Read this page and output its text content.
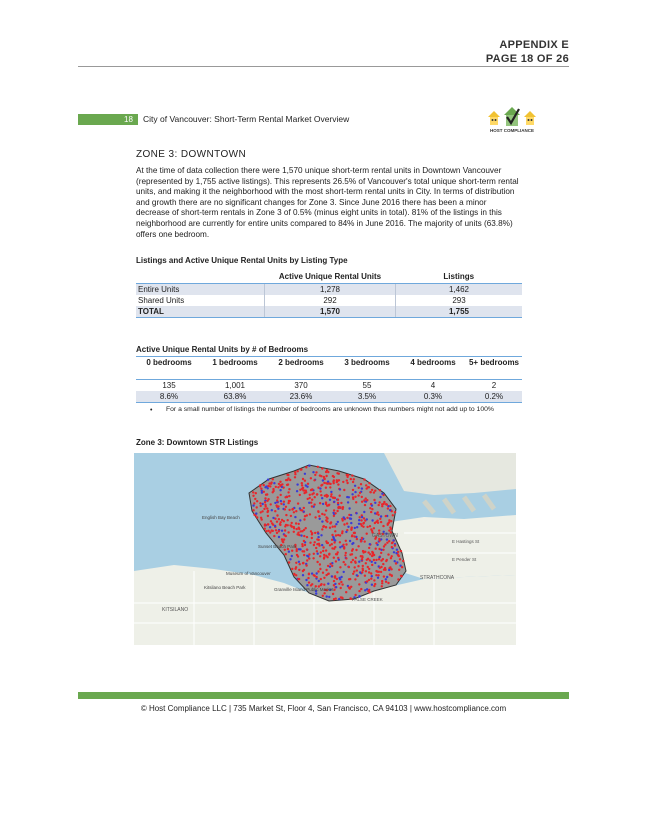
APPENDIX E
PAGE 18 OF 26
18	City of Vancouver: Short-Term Rental Market Overview
HOST COMPLIANCE
ZONE 3: DOWNTOWN

At the time of data collection there were 1,570 unique short-term rental units in Downtown Vancouver (represented by 1,755 active listings). This represents 26.5% of Vancouver's total unique short-term rental units, and making it the neighborhood with the most short-term rental units in City. In terms of distribution and growth there are no significant changes for Zone 3. Since June 2016 there has been a minor decrease of short-term rentals in Zone 3 of 0.5% (minus eight units in total). 81% of the listings in this neighborhood are currently for entire units compared to 84% in June 2016. The majority of units (63.8%) offers one bedroom.

Listings and Active Unique Rental Units by Listing Type
	Active Unique Rental Units	Listings
Entire Units	1,278	1,462
Shared Units	292	293
TOTAL	1,570	1,755
Active Unique Rental Units by # of Bedrooms
0 bedrooms	1 bedrooms	2 bedrooms	3 bedrooms	4 bedrooms	5+ bedrooms
135	1,001	370	55	4	2
8.6%	63.8%	23.6%	3.5%	0.3%	0.2%
• For a small number of listings the number of bedrooms are unknown thus numbers might not add up to 100%

Zone 3: Downtown STR Listings
English Bay Beach
Sunset Beach Park
Museum of Vancouver
Kitsilano Beach Park	Granville Island Public Market
KITSILANO
GASTOWN
STRATHCONA
FALSE CREEK
E Hastings St
E Pender St
© Host Compliance LLC | 735 Market St, Floor 4, San Francisco, CA 94103 | www.hostcompliance.com
